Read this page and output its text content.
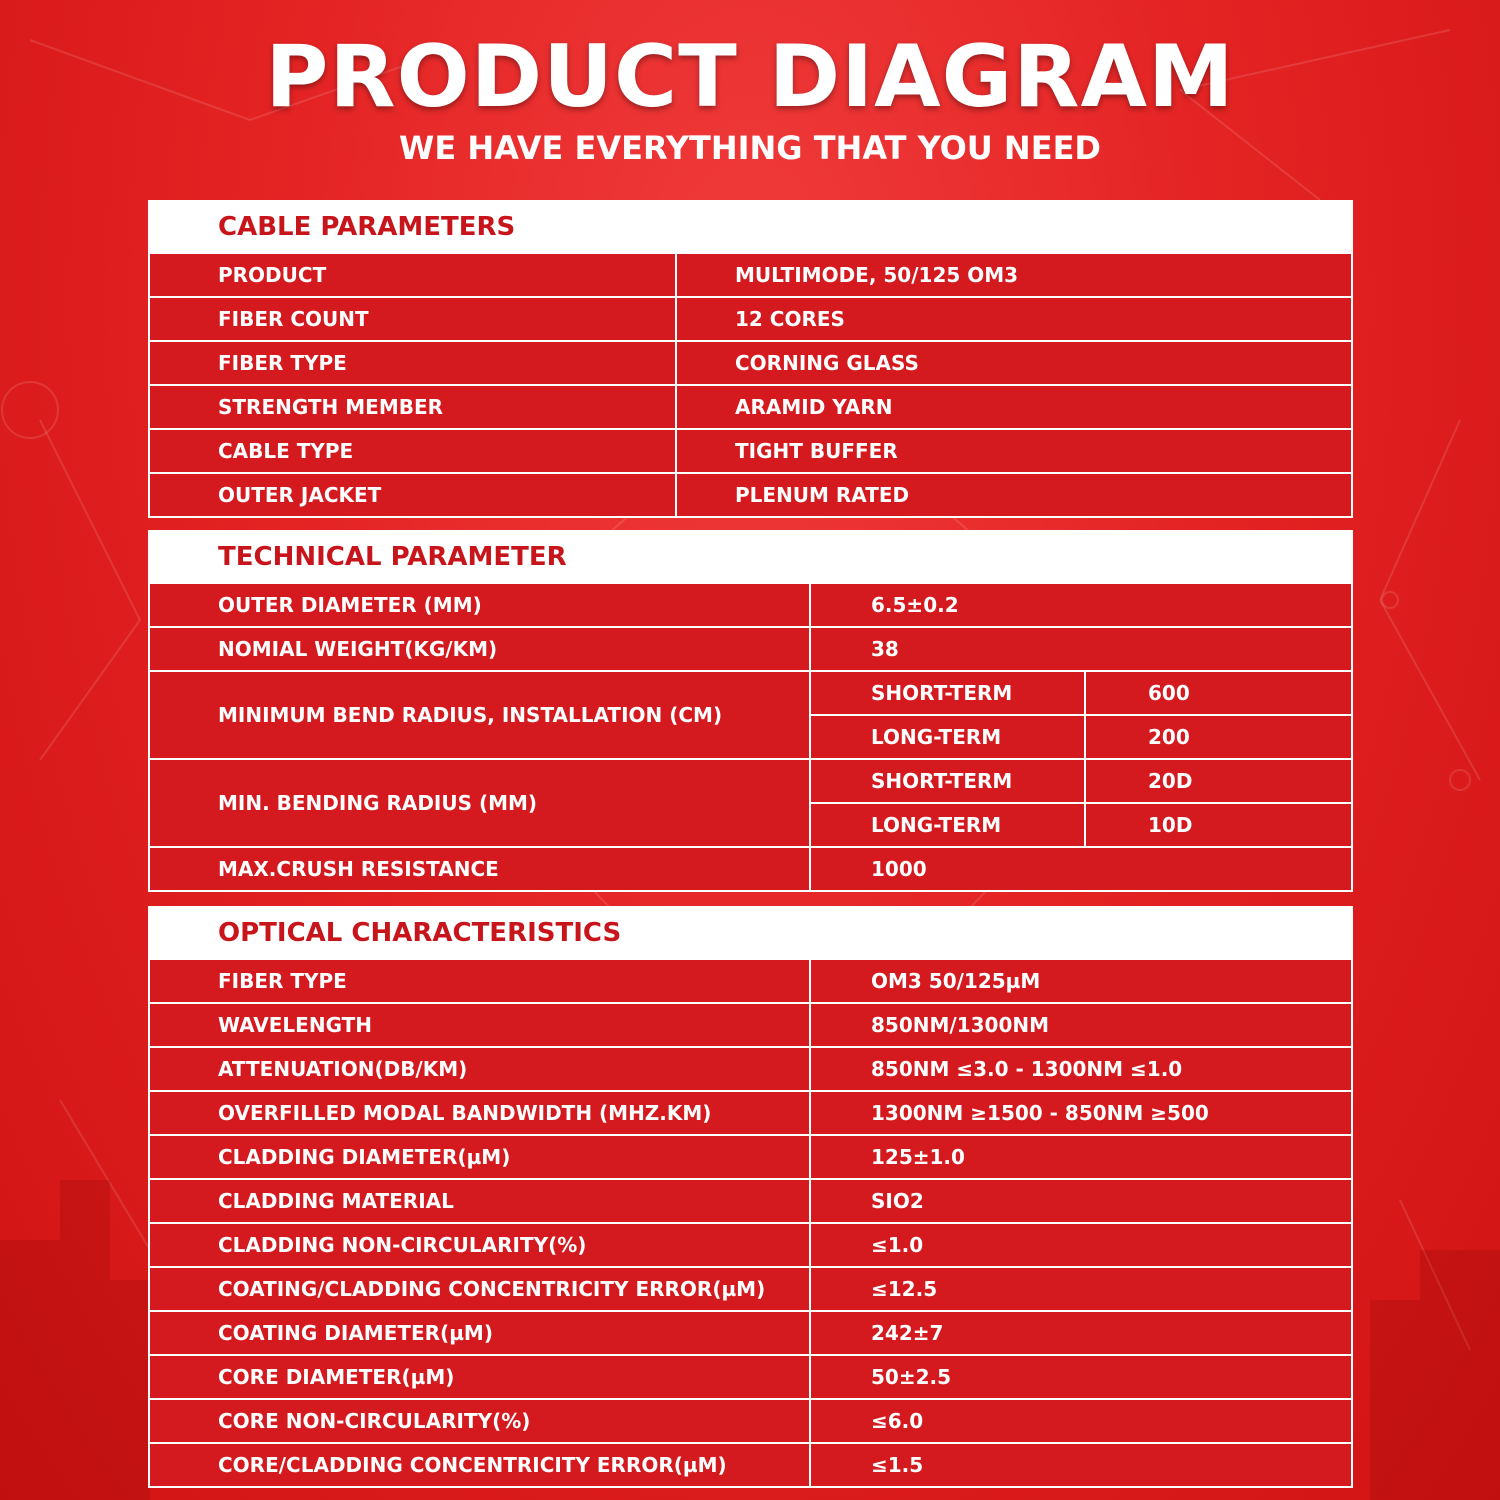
PRODUCT DIAGRAM
WE HAVE EVERYTHING THAT YOU NEED
CABLE PARAMETERS
PRODUCT	MULTIMODE, 50/125 OM3
FIBER COUNT	12 CORES
FIBER TYPE	CORNING GLASS
STRENGTH MEMBER	ARAMID YARN
CABLE TYPE	TIGHT BUFFER
OUTER JACKET	PLENUM RATED
TECHNICAL PARAMETER
OUTER DIAMETER (MM)	6.5±0.2
NOMIAL WEIGHT(KG/KM)	38
MINIMUM BEND RADIUS, INSTALLATION (CM)
SHORT-TERM	600
LONG-TERM	200
MIN. BENDING RADIUS (MM)
SHORT-TERM	20D
LONG-TERM	10D
MAX.CRUSH RESISTANCE	1000
OPTICAL CHARACTERISTICS
FIBER TYPE	OM3 50/125µM
WAVELENGTH	850NM/1300NM
ATTENUATION(DB/KM)	850NM ≤3.0 - 1300NM ≤1.0
OVERFILLED MODAL BANDWIDTH (MHZ.KM)	1300NM ≥1500 - 850NM ≥500
CLADDING DIAMETER(µM)	125±1.0
CLADDING MATERIAL	SIO2
CLADDING NON-CIRCULARITY(%)	≤1.0
COATING/CLADDING CONCENTRICITY ERROR(µM)	≤12.5
COATING DIAMETER(µM)	242±7
CORE DIAMETER(µM)	50±2.5
CORE NON-CIRCULARITY(%)	≤6.0
CORE/CLADDING CONCENTRICITY ERROR(µM)	≤1.5
